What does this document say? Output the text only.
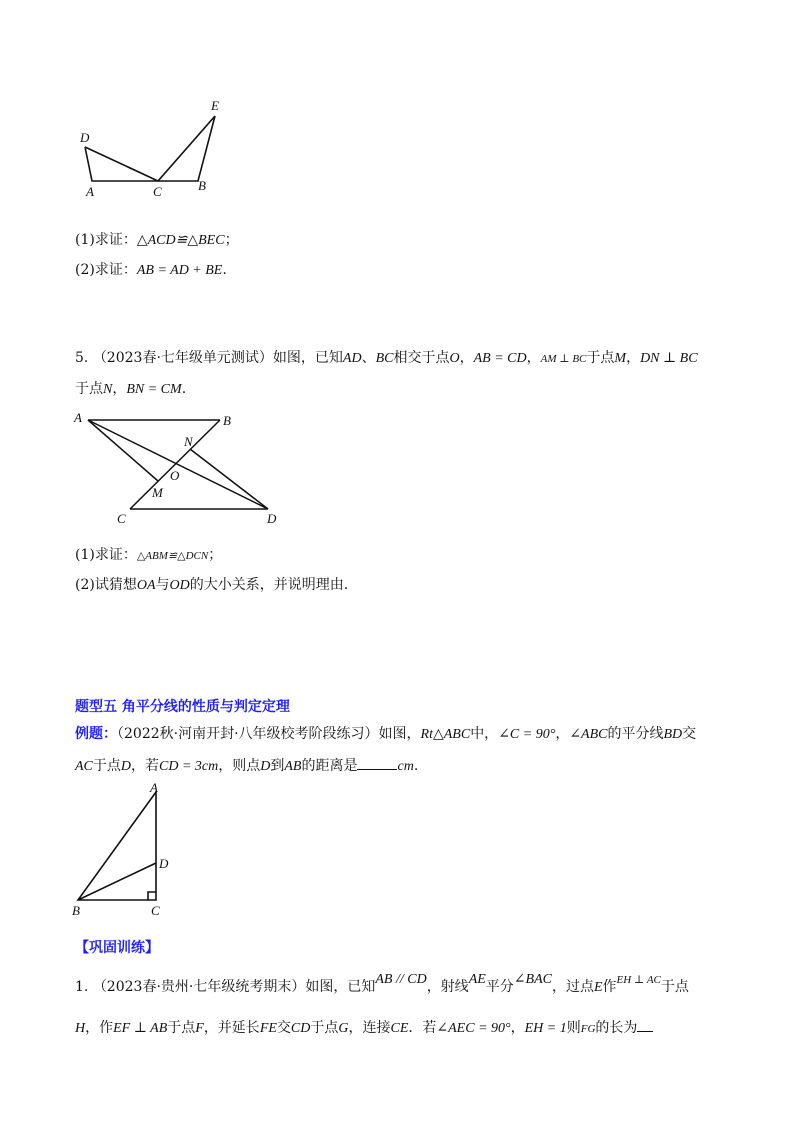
D
A	C	B
E
(1)求证：△ACD≌△BEC；
(2)求证：AB = AD + BE.
5. （2023春·七年级单元测试）如图，已知AD、BC相交于点O，AB = CD，AM ⊥ BC于点M，DN ⊥ BC
于点N，BN = CM.
A	B
N
O
M
C	D
(1)求证：△ABM≌△DCN；
(2)试猜想OA与OD的大小关系，并说明理由.
题型五 角平分线的性质与判定定理
例题：（2022秋·河南开封·八年级校考阶段练习）如图，Rt△ABC中，∠C = 90°，∠ABC的平分线BD交
AC于点D，若CD = 3cm，则点D到AB的距离是	cm.
A
D
B	C
【巩固训练】
1. （2023春·贵州·七年级统考期末）如图，已知AB // CD，射线AE平分∠BAC，过点E作$^{EH \perp AC}$于点
H，作EF ⊥ AB于点F，并延长FE交CD于点G，连接CE．若∠AEC = 90°，EH = 1则FG的长为
